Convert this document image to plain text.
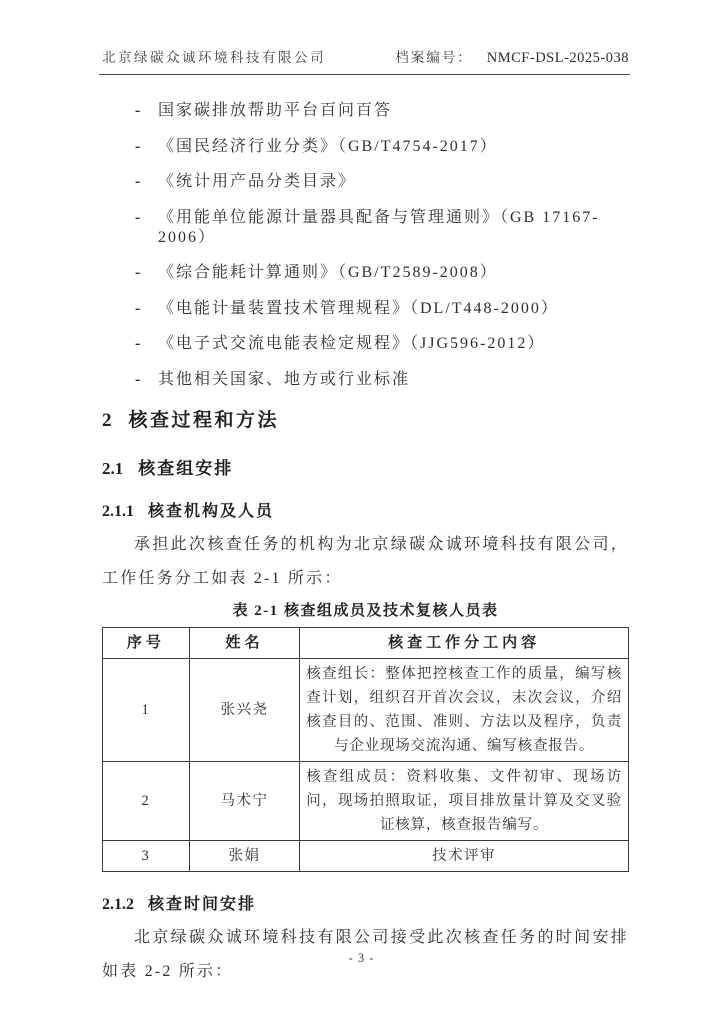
北京绿碳众诚环境科技有限公司	档案编号： NMCF-DSL-2025-038
-	国家碳排放帮助平台百问百答
-	《国民经济行业分类》（GB/T4754-2017）
-	《统计用产品分类目录》
-	《用能单位能源计量器具配备与管理通则》（GB 17167-2006）
-	《综合能耗计算通则》（GB/T2589-2008）
-	《电能计量装置技术管理规程》（DL/T448-2000）
-	《电子式交流电能表检定规程》（JJG596-2012）
-	其他相关国家、地方或行业标准
2 核查过程和方法
2.1 核查组安排
2.1.1 核查机构及人员

承担此次核查任务的机构为北京绿碳众诚环境科技有限公司，工作任务分工如表 2-1 所示：

表 2-1 核查组成员及技术复核人员表
序号	姓名	核查工作分工内容
1	张兴尧	核查组长：整体把控核查工作的质量，编写核查计划，组织召开首次会议，末次会议，介绍核查目的、范围、准则、方法以及程序，负责与企业现场交流沟通、编写核查报告。
2	马术宁	核查组成员：资料收集、文件初审、现场访问，现场拍照取证，项目排放量计算及交叉验证核算，核查报告编写。
3	张娟	技术评审
2.1.2 核查时间安排

北京绿碳众诚环境科技有限公司接受此次核查任务的时间安排如表 2-2 所示：

- 3 -
